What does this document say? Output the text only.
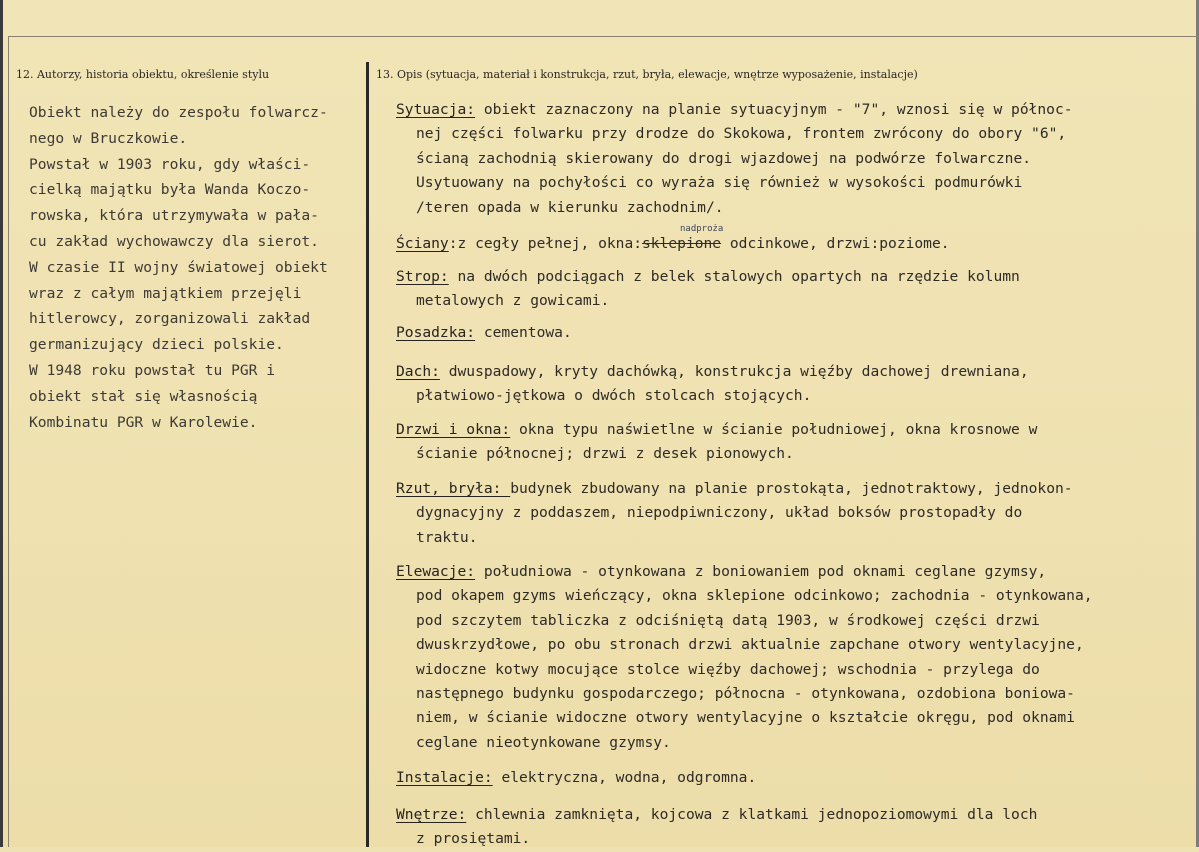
12. Autorzy, historia obiektu, określenie stylu	13. Opis (sytuacja, materiał i konstrukcja, rzut, bryła, elewacje, wnętrze wyposażenie, instalacje)
Obiekt należy do zespołu folwarcz-
nego w Bruczkowie.
Powstał w 1903 roku, gdy właści-
cielką majątku była Wanda Koczo-
rowska, która utrzymywała w pała-
cu zakład wychowawczy dla sierot.
W czasie II wojny światowej obiekt
wraz z całym majątkiem przejęli
hitlerowcy, zorganizowali zakład
germanizujący dzieci polskie.
W 1948 roku powstał tu PGR i
obiekt stał się własnością
Kombinatu PGR w Karolewie.
Sytuacja: obiekt zaznaczony na planie sytuacyjnym - "7", wznosi się w północ-
nej części folwarku przy drodze do Skokowa, frontem zwrócony do obory "6",
ścianą zachodnią skierowany do drogi wjazdowej na podwórze folwarczne.
Usytuowany na pochyłości co wyraża się również w wysokości podmurówki
/teren opada w kierunku zachodnim/.
Ściany:z cegły pełnej, okna:sklepione odcinkowe, drzwi:poziome.
nadproża
Strop: na dwóch podciągach z belek stalowych opartych na rzędzie kolumn
metalowych z gowicami.
Posadzka: cementowa.
Dach: dwuspadowy, kryty dachówką, konstrukcja więźby dachowej drewniana,
płatwiowo-jętkowa o dwóch stolcach stojących.
Drzwi i okna: okna typu naświetlne w ścianie południowej, okna krosnowe w
ścianie północnej; drzwi z desek pionowych.
Rzut, bryła: budynek zbudowany na planie prostokąta, jednotraktowy, jednokon-
dygnacyjny z poddaszem, niepodpiwniczony, układ boksów prostopadły do
traktu.
Elewacje: południowa - otynkowana z boniowaniem pod oknami ceglane gzymsy,
pod okapem gzyms wieńczący, okna sklepione odcinkowo; zachodnia - otynkowana,
pod szczytem tabliczka z odciśniętą datą 1903, w środkowej części drzwi
dwuskrzydłowe, po obu stronach drzwi aktualnie zapchane otwory wentylacyjne,
widoczne kotwy mocujące stolce więźby dachowej; wschodnia - przylega do
następnego budynku gospodarczego; północna - otynkowana, ozdobiona boniowa-
niem, w ścianie widoczne otwory wentylacyjne o kształcie okręgu, pod oknami
ceglane nieotynkowane gzymsy.
Instalacje: elektryczna, wodna, odgromna.
Wnętrze: chlewnia zamknięta, kojcowa z klatkami jednopoziomowymi dla loch
z prosiętami.
